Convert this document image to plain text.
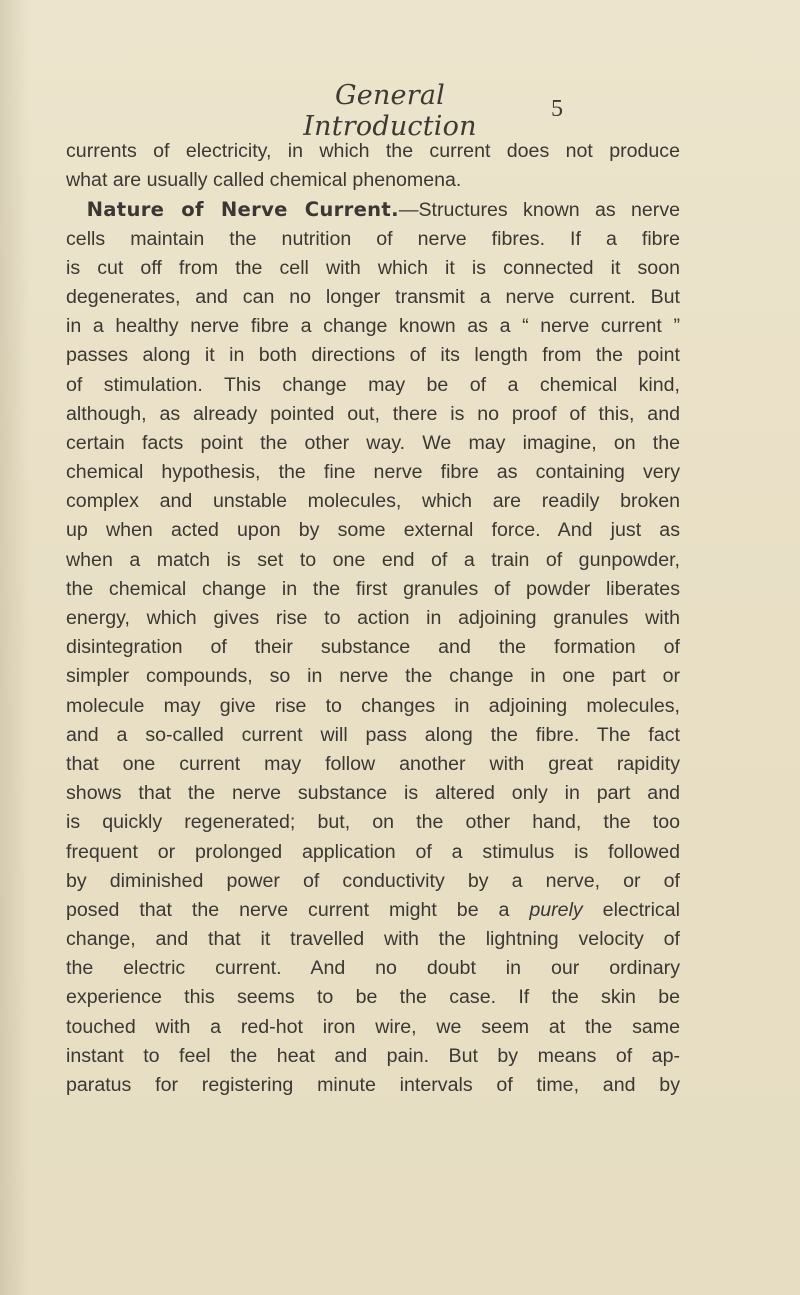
General Introduction
5
currents of electricity, in which the current does not produce
what are usually called chemical phenomena.
Nature of Nerve Current.—Structures known as nerve
cells maintain the nutrition of nerve fibres. If a fibre
is cut off from the cell with which it is connected it soon
degenerates, and can no longer transmit a nerve current. But
in a healthy nerve fibre a change known as a “ nerve current ”
passes along it in both directions of its length from the point
of stimulation. This change may be of a chemical kind,
although, as already pointed out, there is no proof of this, and
certain facts point the other way. We may imagine, on the
chemical hypothesis, the fine nerve fibre as containing very
complex and unstable molecules, which are readily broken
up when acted upon by some external force. And just as
when a match is set to one end of a train of gunpowder,
the chemical change in the first granules of powder liberates
energy, which gives rise to action in adjoining granules with
disintegration of their substance and the formation of
simpler compounds, so in nerve the change in one part or
molecule may give rise to changes in adjoining molecules,
and a so-called current will pass along the fibre. The fact
that one current may follow another with great rapidity
shows that the nerve substance is altered only in part and
is quickly regenerated; but, on the other hand, the too
frequent or prolonged application of a stimulus is followed
by diminished power of conductivity by a nerve, or of
posed that the nerve current might be a purely electrical
change, and that it travelled with the lightning velocity of
the electric current. And no doubt in our ordinary
experience this seems to be the case. If the skin be
touched with a red-hot iron wire, we seem at the same
instant to feel the heat and pain. But by means of ap-
paratus for registering minute intervals of time, and by
